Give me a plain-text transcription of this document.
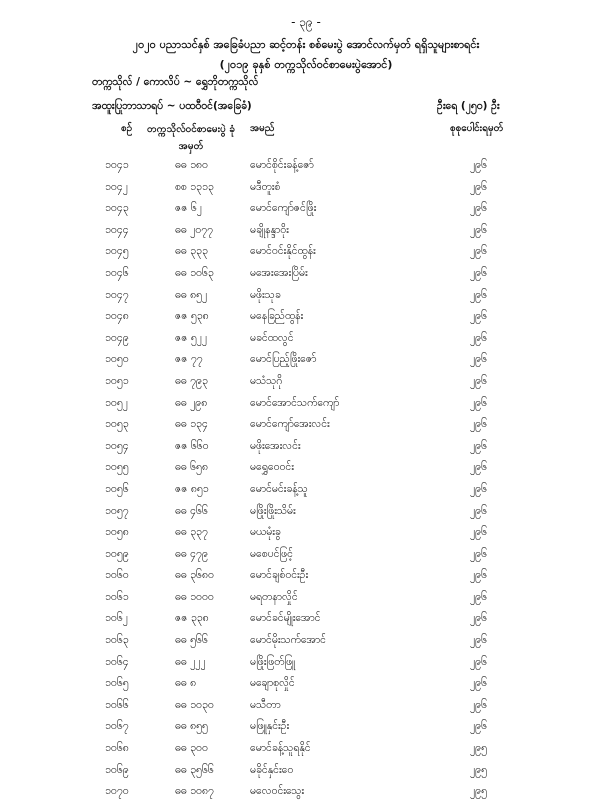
- ၃၉ -
၂၀၂၀ ပညာသင်နှစ် အခြေခံပညာ ဆင့်တန်း စစ်မေးပွဲ အောင်လက်မှတ် ရရှိသူများစာရင်း
(၂၀၁၉ ခုနှစ် တက္ကသိုလ်ဝင်စာမေးပွဲအောင်)
တက္ကသိုလ် / ကောလိပ် ~ ရွှေဘိုတက္ကသိုလ်
အထူးပြုဘာသာရပ် ~ ပထဝီဝင်(အခြေခံ)	ဦးရေ (၂၅၀) ဦး
စဉ် တက္ကသိုလ်ဝင်စာမေးပွဲ ခုံအမှတ်
အမည်	စုစုပေါင်းရမှတ်
၁၀၄၁	ဓဓ ၁၈၀	မောင်စိုင်းခန့်ဇော်	၂၉၆
၁၀၄၂	စစ ၁၃၁၃	မဒီတူးစံ	၂၉၆
၁၀၄၃	ဇဇ ၆၂	မောင်ကျော်ဇင်ဖြိုး	၂၉၆
၁၀၄၄	ဓဓ ၂၀၇၇	မချိုနန္ဒာဝိုး	၂၉၆
၁၀၄၅	ဓဓ ၃၃၃	မောင်ဝင်းနိုင်ထွန်း	၂၉၆
၁၀၄၆	ဓဓ ၁၀၆၃	မအေးအေးပြိမ်း	၂၉၆
၁၀၄၇	ဓဓ ၈၅၂	မဖိုးသုခ	၂၉၆
၁၀၄၈	ဇဇ ၅၃၈	မနေခြည်ထွန်း	၂၉၆
၁၀၄၉	ဇဇ ၅၂၂	မခင်ထလွင်	၂၉၆
၁၀၅၀	ဇဇ ၇၇	မောင်ပြည့်ဖြိုးဇော်	၂၉၆
၁၀၅၁	ဓဓ ၇၉၃	မသံသုဂို	၂၉၆
၁၀၅၂	ဓဓ ၂၉၈	မောင်အောင်သက်ကျော်	၂၉၆
၁၀၅၃	ဓဓ ၁၃၄	မောင်ကျော်အေးလင်း	၂၉၆
၁၀၅၄	ဇဇ ၆၆၀	မဖိုးအေးလင်း	၂၉၆
၁၀၅၅	ဓဓ ၆၅၈	မရွှေဝေဝင်း	၂၉၆
၁၀၅၆	ဇဇ ၈၅၁	မောင်မင်းခန့်သူ	၂၉၆
၁၀၅၇	ဓဓ ၄၆၆	မဖြိုးဖြိုးသိမ်း	၂၉၆
၁၀၅၈	ဓဓ ၃၃၇	မယမုံးခွ	၂၉၆
၁၀၅၉	ဓဓ ၄၇၉	မစေပင်ဖြင့်	၂၉၆
၁၀၆၀	ဓဓ ၃၆၈၀	မောင်ချစ်ဝင်းဦး	၂၉၆
၁၀၆၁	ဓဓ ၁၀၀၀	မရတနာလှိုင်	၂၉၆
၁၀၆၂	ဇဇ ၃၃၈	မောင်ခင်မျိုးအောင်	၂၉၆
၁၀၆၃	ဓဓ ၅၆၆	မောင်မိုးသက်အောင်	၂၉၆
၁၀၆၄	ဓဓ ၂၂၂	မဖြိုးဖြတ်ဖြူ	၂၉၆
၁၀၆၅	ဓဓ ၈	မချောစုလှိုင်	၂၉၆
၁၀၆၆	ဓဓ ၁၀၃၀	မသီတာ	၂၉၆
၁၀၆၇	ဓဓ ၈၅၅	မဖြူနှင်းဦး	၂၉၆
၁၀၆၈	ဓဓ ၃၀၀	မောင်ခန့်သူရနိုင်	၂၉၅
၁၀၆၉	ဓဓ ၃၅၆၆	မခိုင်နှင်းဝေ	၂၉၅
၁၀၇၀	ဓဓ ၁၀၈၇	မလေဝင်းသွေး	၂၉၅
